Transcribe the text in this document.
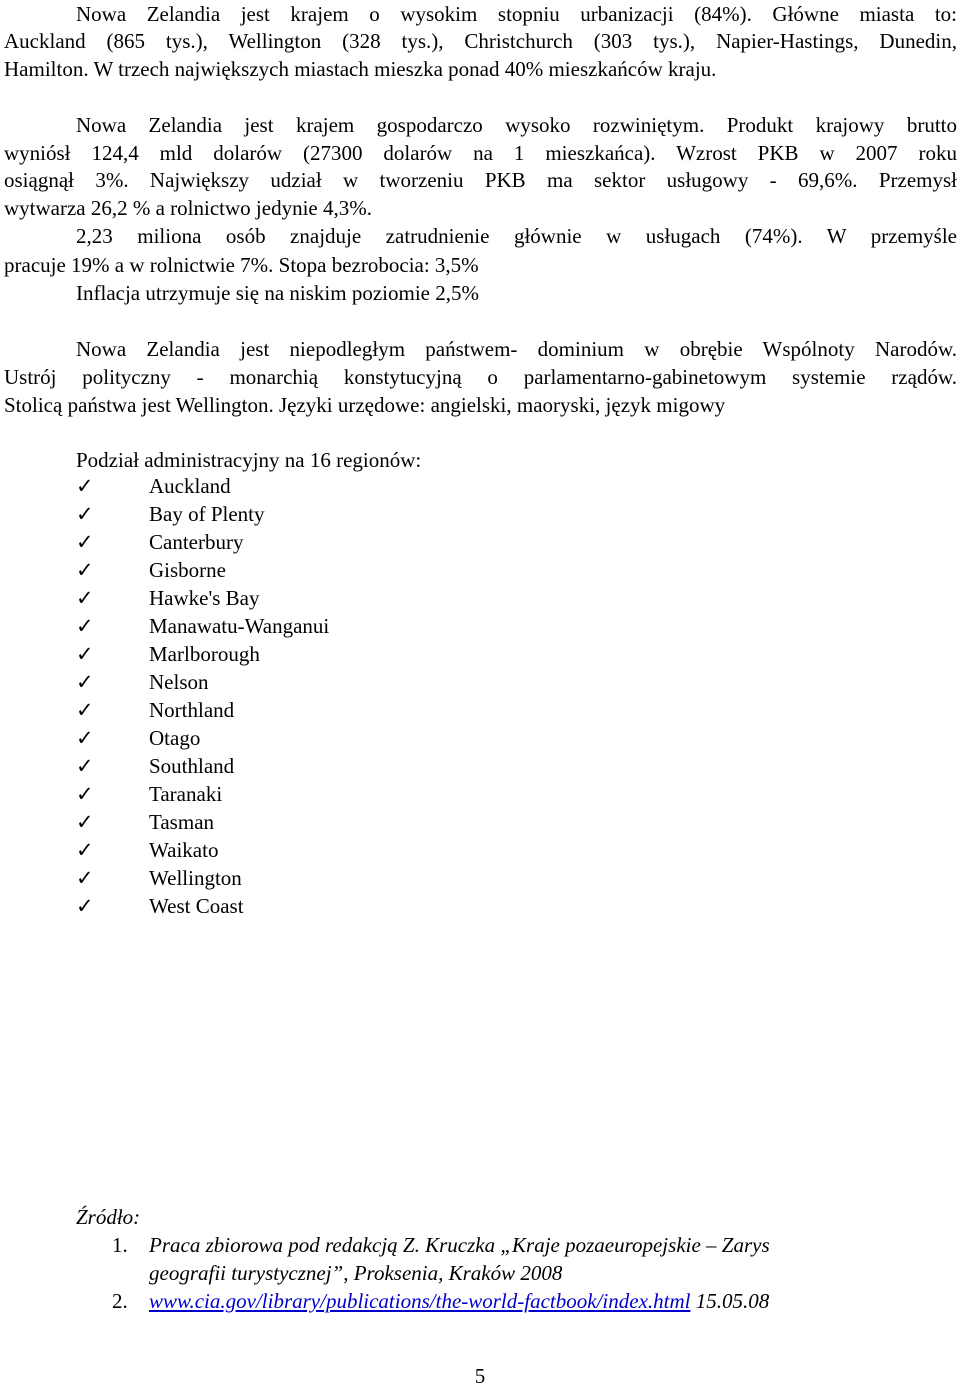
Nowa Zelandia jest krajem o wysokim stopniu urbanizacji (84%). Główne miasta to:
Auckland (865 tys.), Wellington (328 tys.), Christchurch (303 tys.), Napier-Hastings, Dunedin,
Hamilton. W trzech największych miastach mieszka ponad 40% mieszkańców kraju.
Nowa Zelandia jest krajem gospodarczo wysoko rozwiniętym. Produkt krajowy brutto
wyniósł 124,4 mld dolarów (27300 dolarów na 1 mieszkańca). Wzrost PKB w 2007 roku
osiągnął 3%. Największy udział w tworzeniu PKB ma sektor usługowy - 69,6%. Przemysł
wytwarza 26,2 % a rolnictwo jedynie 4,3%.
2,23 miliona osób znajduje zatrudnienie głównie w usługach (74%). W przemyśle
pracuje 19% a w rolnictwie 7%. Stopa bezrobocia: 3,5%
Inflacja utrzymuje się na niskim poziomie 2,5%
Nowa Zelandia jest niepodległym państwem- dominium w obrębie Wspólnoty Narodów.
Ustrój polityczny - monarchią konstytucyjną o parlamentarno-gabinetowym systemie rządów.
Stolicą państwa jest Wellington. Języki urzędowe: angielski, maoryski, język migowy
Podział administracyjny na 16 regionów:
✓	Auckland
✓	Bay of Plenty
✓	Canterbury
✓	Gisborne
✓	Hawke's Bay
✓	Manawatu-Wanganui
✓	Marlborough
✓	Nelson
✓	Northland
✓	Otago
✓	Southland
✓	Taranaki
✓	Tasman
✓	Waikato
✓	Wellington
✓	West Coast
Źródło:
1. Praca zbiorowa pod redakcją Z. Kruczka „Kraje pozaeuropejskie – Zarys
geografii turystycznej”, Proksenia, Kraków 2008
2. www.cia.gov/library/publications/the-world-factbook/index.html 15.05.08
5
